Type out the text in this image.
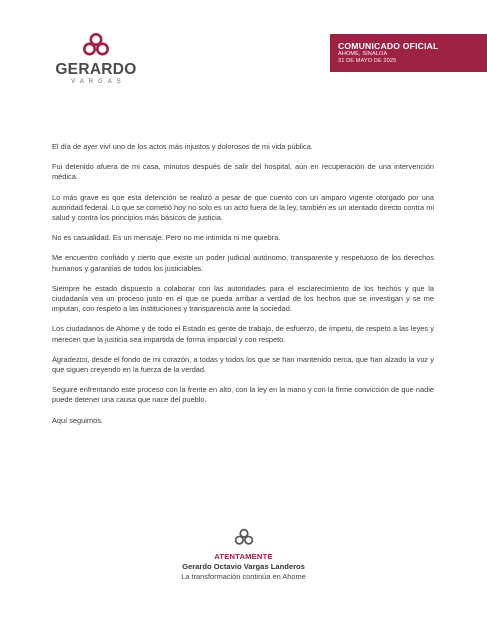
GERARDO
VARGAS
COMUNICADO OFICIAL
AHOME, SINALOA
31 DE MAYO DE 2025

El día de ayer viví uno de los actos más injustos y dolorosos de mi vida pública.

Fui detenido afuera de mi casa, minutos después de salir del hospital, aún en recuperación de una intervención médica.

Lo más grave es que esta detención se realizó a pesar de que cuento con un amparo vigente otorgado por una autoridad federal. Lo que se cometió hoy no solo es un acto fuera de la ley, también es un atentado directo contra mi salud y contra los principios más básicos de justicia.

No es casualidad. Es un mensaje. Pero no me intimida ni me quiebra.

Me encuentro confiado y cierto que existe un poder judicial autónomo, transparente y respetuoso de los derechos humanos y garantías de todos los justiciables.

Siempre he estado dispuesto a colaborar con las autoridades para el esclarecimiento de los hechos y que la ciudadanía vea un proceso justo en el que se pueda arribar a verdad de los hechos que se investigan y se me imputan, con respeto a las instituciones y transparencia ante la sociedad.

Los ciudadanos de Ahome y de todo el Estado es gente de trabajo, de esfuerzo, de ímpetu, de respeto a las leyes y merecen que la justicia sea impartida de forma imparcial y con respeto.

Agradezco, desde el fondo de mi corazón, a todas y todos los que se han mantenido cerca, que han alzado la voz y que siguen creyendo en la fuerza de la verdad.

Seguiré enfrentando este proceso con la frente en alto, con la ley en la mano y con la firme convicción de que nadie puede detener una causa que nace del pueblo.

Aquí seguimos.

ATENTAMENTE
Gerardo Octavio Vargas Landeros
La transformación continúa en Ahome
